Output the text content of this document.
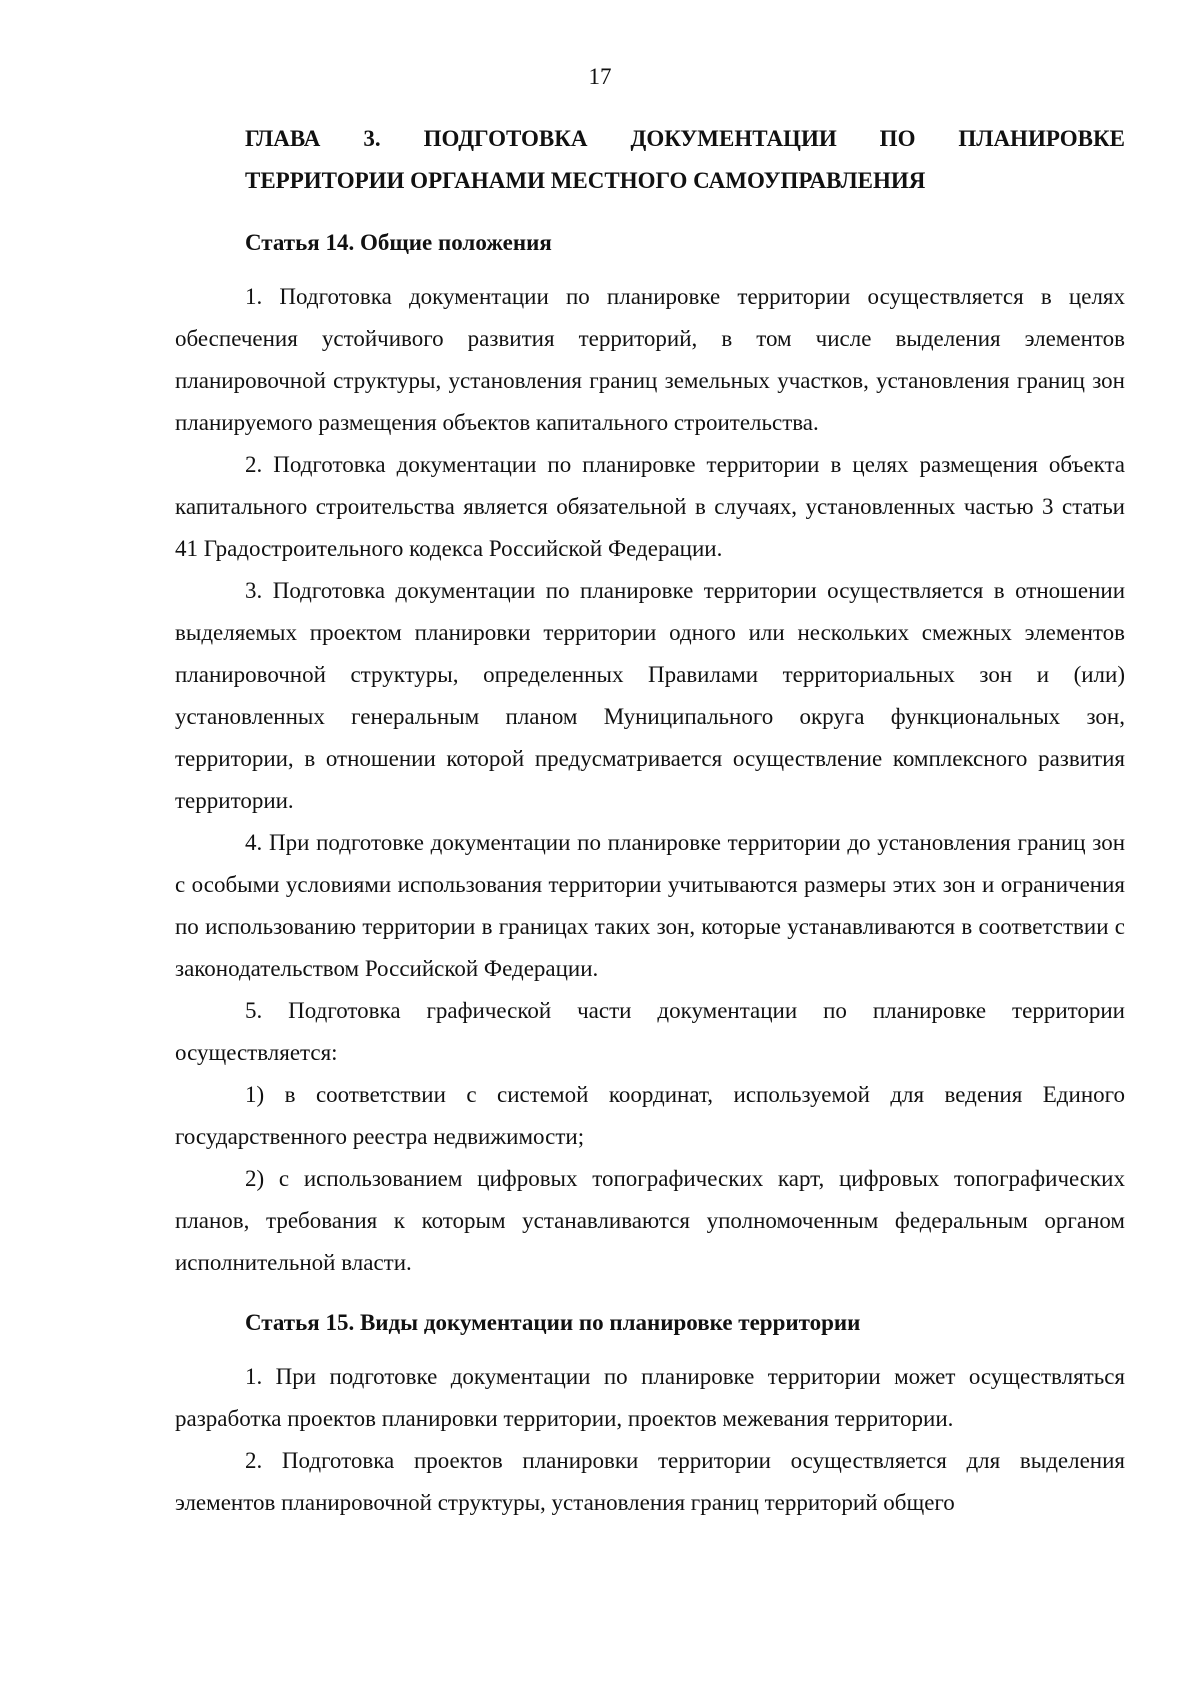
17
ГЛАВА 3. ПОДГОТОВКА ДОКУМЕНТАЦИИ ПО ПЛАНИРОВКЕ
ТЕРРИТОРИИ ОРГАНАМИ МЕСТНОГО САМОУПРАВЛЕНИЯ
Статья 14. Общие положения

1. Подготовка документации по планировке территории осуществляется в целях обеспечения устойчивого развития территорий, в том числе выделения элементов планировочной структуры, установления границ земельных участков, установления границ зон планируемого размещения объектов капитального строительства.

2. Подготовка документации по планировке территории в целях размещения объекта капитального строительства является обязательной в случаях, установленных частью 3 статьи 41 Градостроительного кодекса Российской Федерации.

3. Подготовка документации по планировке территории осуществляется в отношении выделяемых проектом планировки территории одного или нескольких смежных элементов планировочной структуры, определенных Правилами территориальных зон и (или) установленных генеральным планом Муниципального округа функциональных зон, территории, в отношении которой предусматривается осуществление комплексного развития территории.

4. При подготовке документации по планировке территории до установления границ зон с особыми условиями использования территории учитываются размеры этих зон и ограничения по использованию территории в границах таких зон, которые устанавливаются в соответствии с законодательством Российской Федерации.

5. Подготовка графической части документации по планировке территории осуществляется:

1) в соответствии с системой координат, используемой для ведения Единого государственного реестра недвижимости;

2) с использованием цифровых топографических карт, цифровых топографических планов, требования к которым устанавливаются уполномоченным федеральным органом исполнительной власти.

Статья 15. Виды документации по планировке территории

1. При подготовке документации по планировке территории может осуществляться разработка проектов планировки территории, проектов межевания территории.

2. Подготовка проектов планировки территории осуществляется для выделения элементов планировочной структуры, установления границ территорий общего
